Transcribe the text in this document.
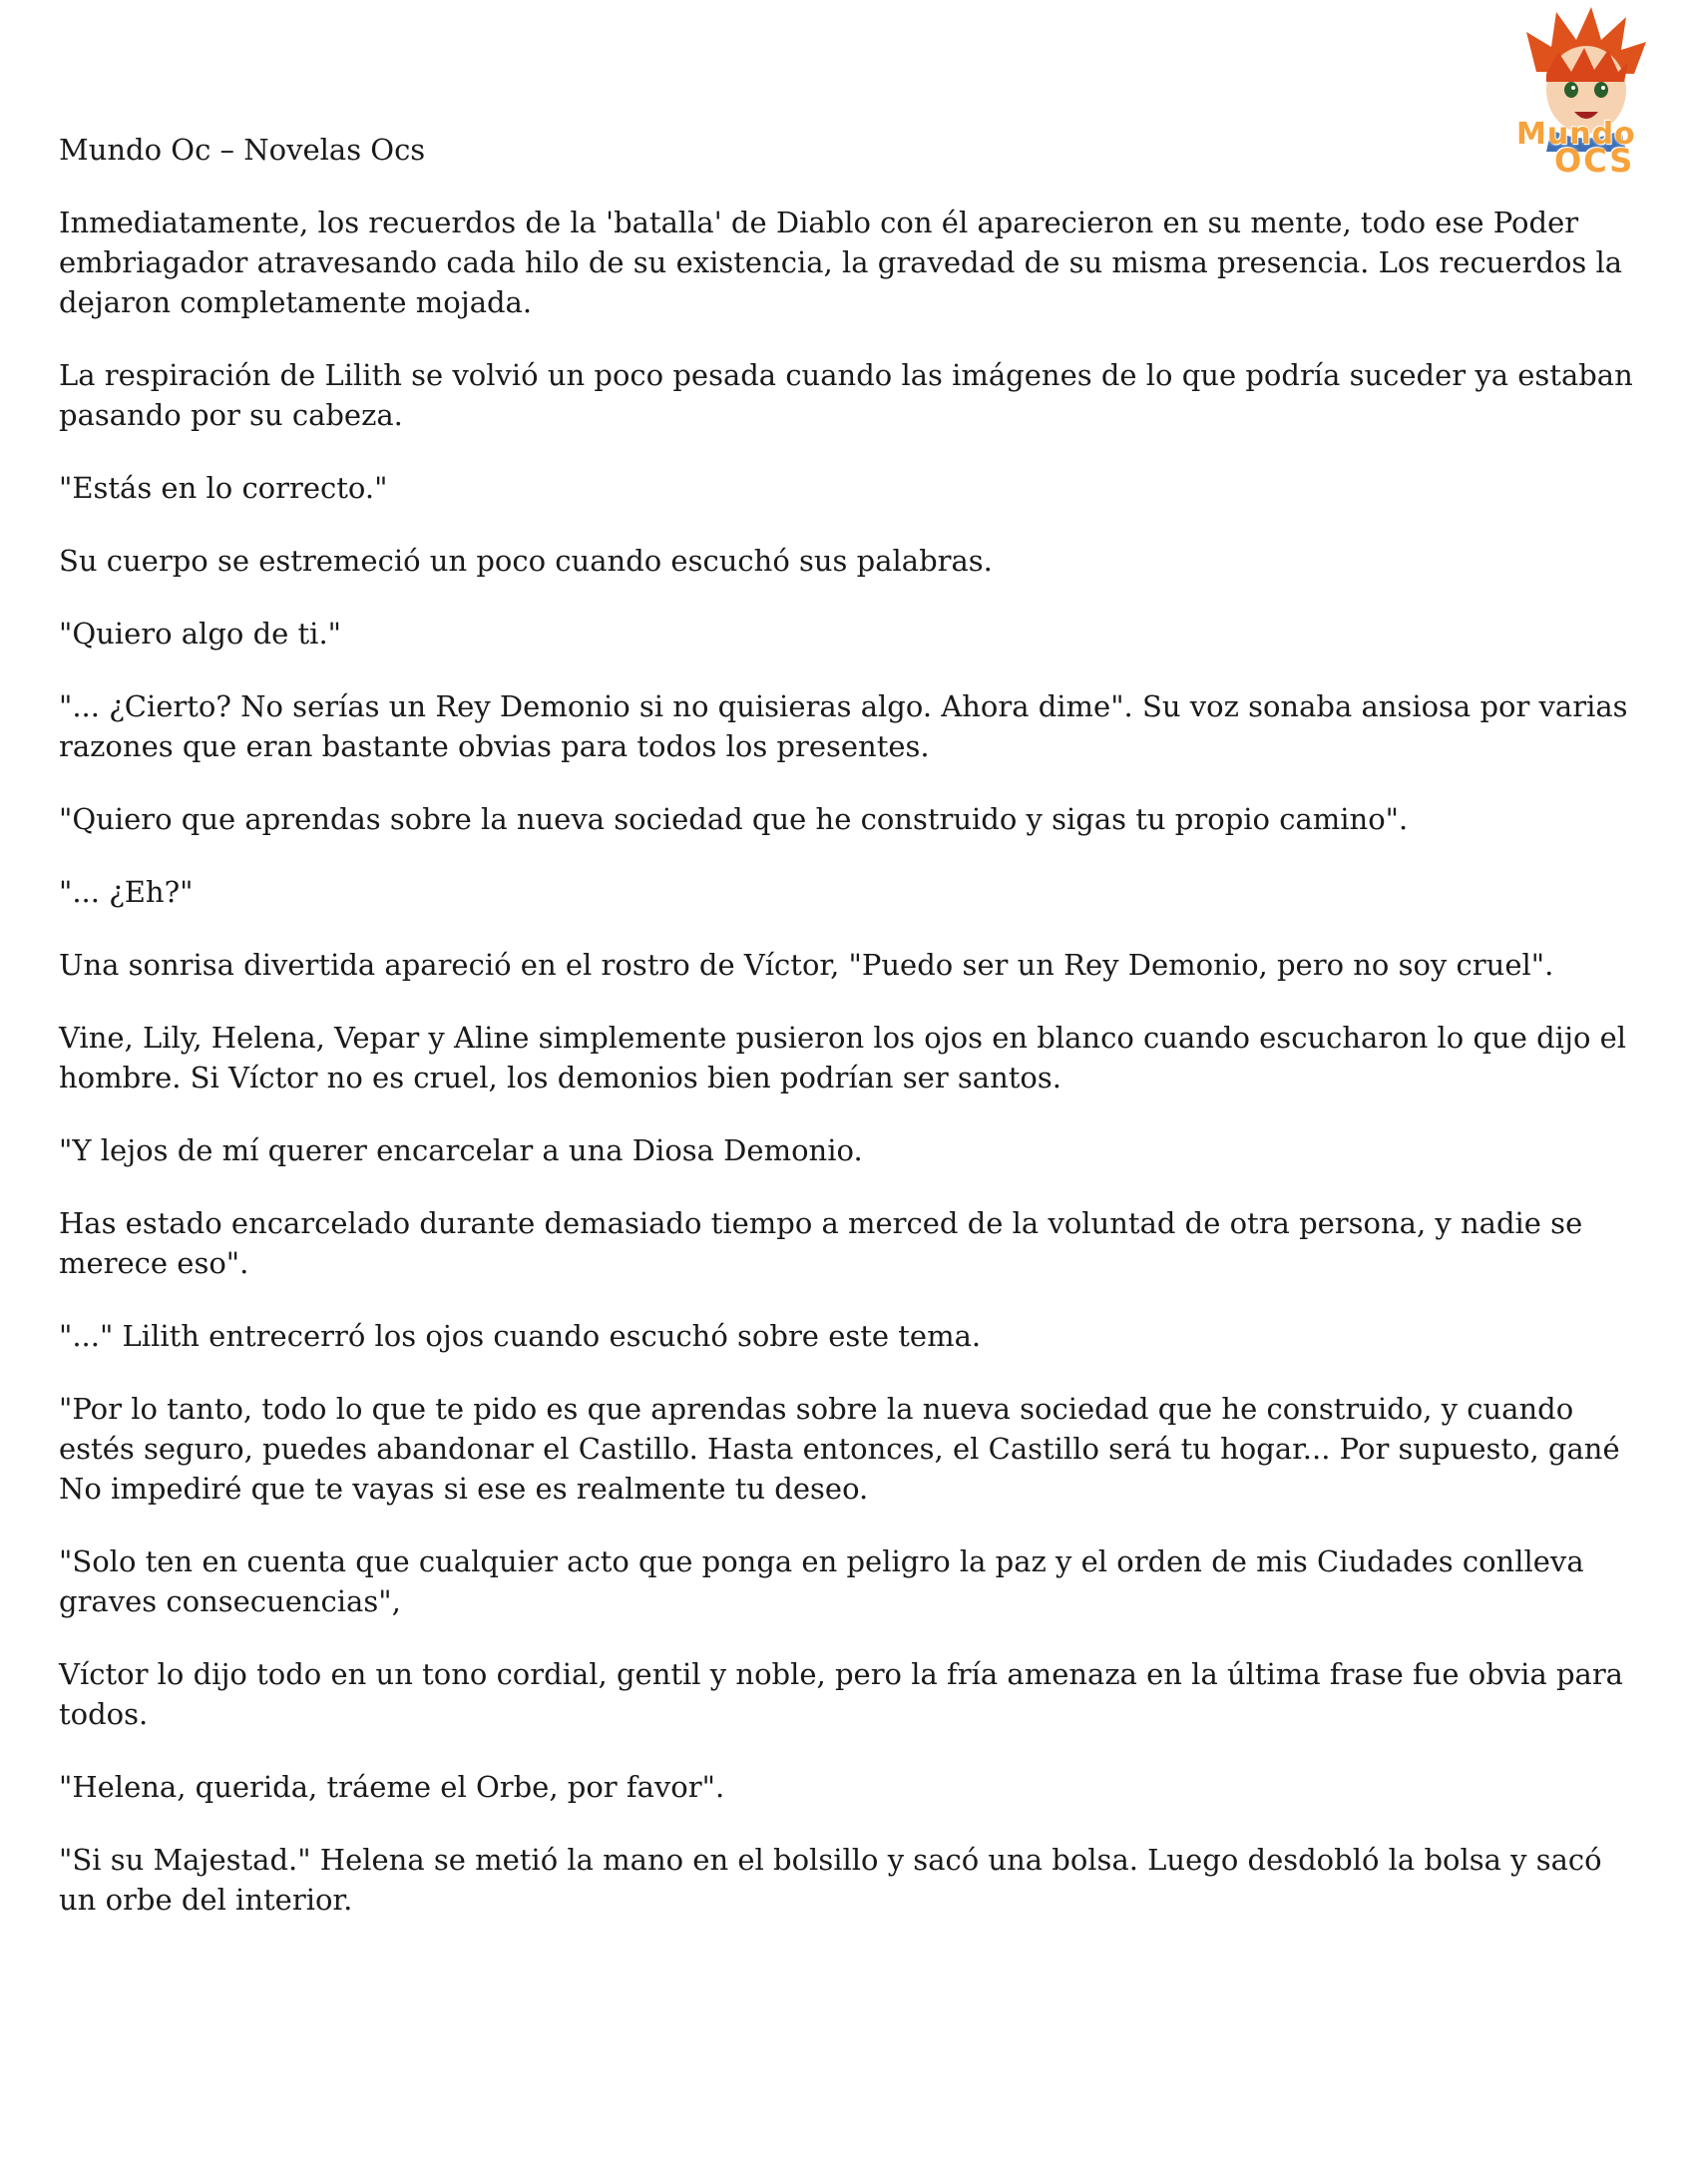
Mundo
OCS

Mundo Oc – Novelas Ocs

Inmediatamente, los recuerdos de la 'batalla' de Diablo con él aparecieron en su mente, todo ese Poder embriagador atravesando cada hilo de su existencia, la gravedad de su misma presencia. Los recuerdos la dejaron completamente mojada.

La respiración de Lilith se volvió un poco pesada cuando las imágenes de lo que podría suceder ya estaban pasando por su cabeza.

"Estás en lo correcto."

Su cuerpo se estremeció un poco cuando escuchó sus palabras.

"Quiero algo de ti."

"... ¿Cierto? No serías un Rey Demonio si no quisieras algo. Ahora dime". Su voz sonaba ansiosa por varias razones que eran bastante obvias para todos los presentes.

"Quiero que aprendas sobre la nueva sociedad que he construido y sigas tu propio camino".

"... ¿Eh?"

Una sonrisa divertida apareció en el rostro de Víctor, "Puedo ser un Rey Demonio, pero no soy cruel".

Vine, Lily, Helena, Vepar y Aline simplemente pusieron los ojos en blanco cuando escucharon lo que dijo el hombre. Si Víctor no es cruel, los demonios bien podrían ser santos.

"Y lejos de mí querer encarcelar a una Diosa Demonio.

Has estado encarcelado durante demasiado tiempo a merced de la voluntad de otra persona, y nadie se merece eso".

"..." Lilith entrecerró los ojos cuando escuchó sobre este tema.

"Por lo tanto, todo lo que te pido es que aprendas sobre la nueva sociedad que he construido, y cuando estés seguro, puedes abandonar el Castillo. Hasta entonces, el Castillo será tu hogar... Por supuesto, gané No impediré que te vayas si ese es realmente tu deseo.

"Solo ten en cuenta que cualquier acto que ponga en peligro la paz y el orden de mis Ciudades conlleva graves consecuencias",

Víctor lo dijo todo en un tono cordial, gentil y noble, pero la fría amenaza en la última frase fue obvia para todos.

"Helena, querida, tráeme el Orbe, por favor".

"Si su Majestad." Helena se metió la mano en el bolsillo y sacó una bolsa. Luego desdobló la bolsa y sacó un orbe del interior.
